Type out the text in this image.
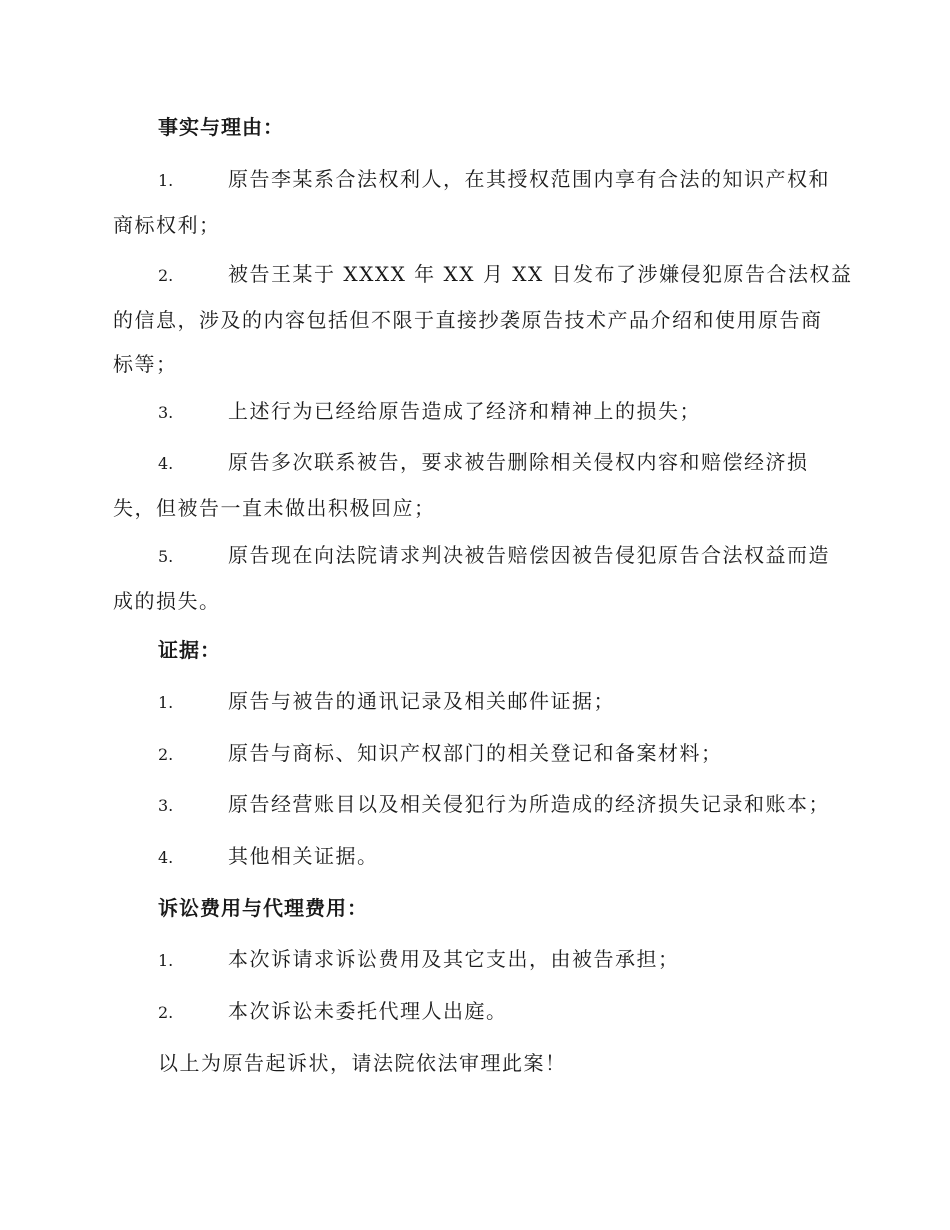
事实与理由：
1.	原告李某系合法权利人，在其授权范围内享有合法的知识产权和
商标权利；
2.	被告王某于 XXXX 年 XX 月 XX 日发布了涉嫌侵犯原告合法权益
的信息，涉及的内容包括但不限于直接抄袭原告技术产品介绍和使用原告商
标等；
3.	上述行为已经给原告造成了经济和精神上的损失；
4.	原告多次联系被告，要求被告删除相关侵权内容和赔偿经济损
失，但被告一直未做出积极回应；
5.	原告现在向法院请求判决被告赔偿因被告侵犯原告合法权益而造
成的损失。
证据：
1.	原告与被告的通讯记录及相关邮件证据；
2.	原告与商标、知识产权部门的相关登记和备案材料；
3.	原告经营账目以及相关侵犯行为所造成的经济损失记录和账本；
4.	其他相关证据。
诉讼费用与代理费用：
1.	本次诉请求诉讼费用及其它支出，由被告承担；
2.	本次诉讼未委托代理人出庭。

以上为原告起诉状，请法院依法审理此案！
